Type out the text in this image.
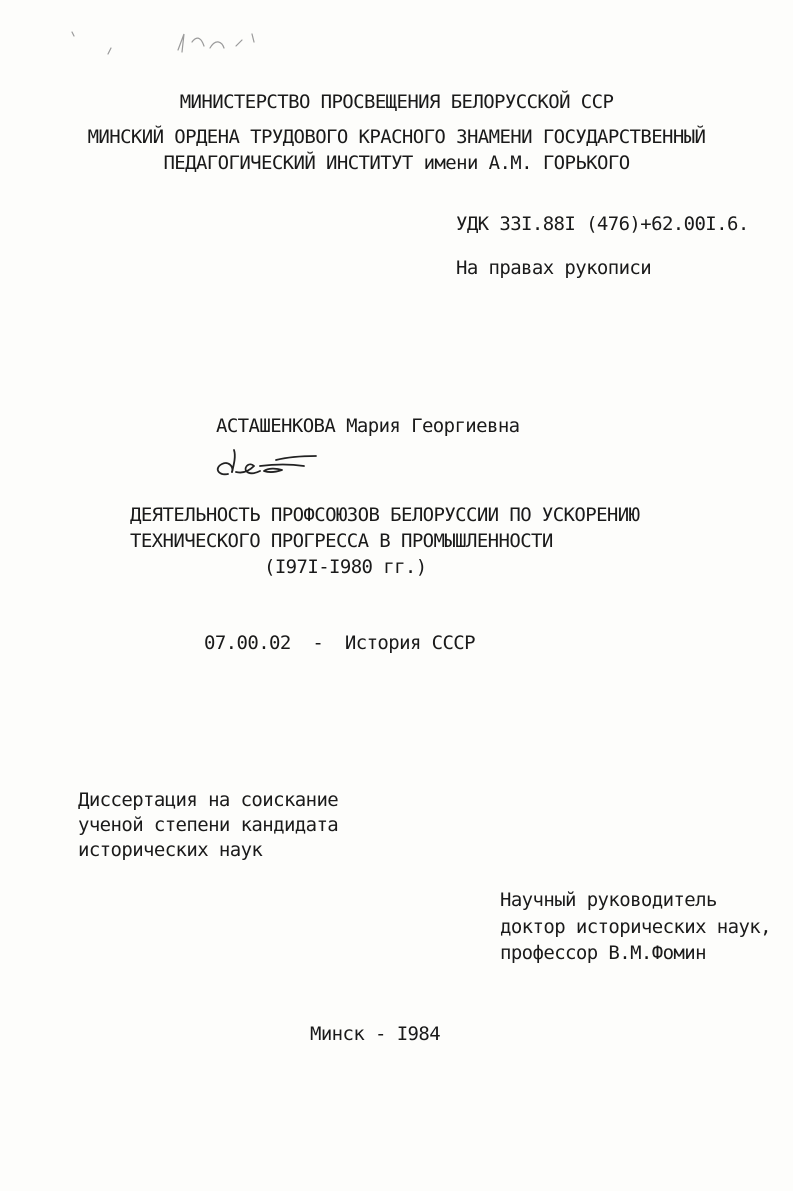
МИНИСТЕРСТВО ПРОСВЕЩЕНИЯ БЕЛОРУССКОЙ ССР
МИНСКИЙ ОРДЕНА ТРУДОВОГО КРАСНОГО ЗНАМЕНИ ГОСУДАРСТВЕННЫЙ
ПЕДАГОГИЧЕСКИЙ ИНСТИТУТ имени А.М. ГОРЬКОГО
УДК 33I.88I (476)+62.00I.6.
На правах рукописи
АСТАШЕНКОВА Мария Георгиевна
ДЕЯТЕЛЬНОСТЬ ПРОФСОЮЗОВ БЕЛОРУССИИ ПО УСКОРЕНИЮ
ТЕХНИЧЕСКОГО ПРОГРЕССА В ПРОМЫШЛЕННОСТИ
(I97I-I980 гг.)
07.00.02  -  История СССР
Диссертация на соискание
ученой степени кандидата
исторических наук
Научный руководитель
доктор исторических наук,
профессор В.М.Фомин
Минск - I984
